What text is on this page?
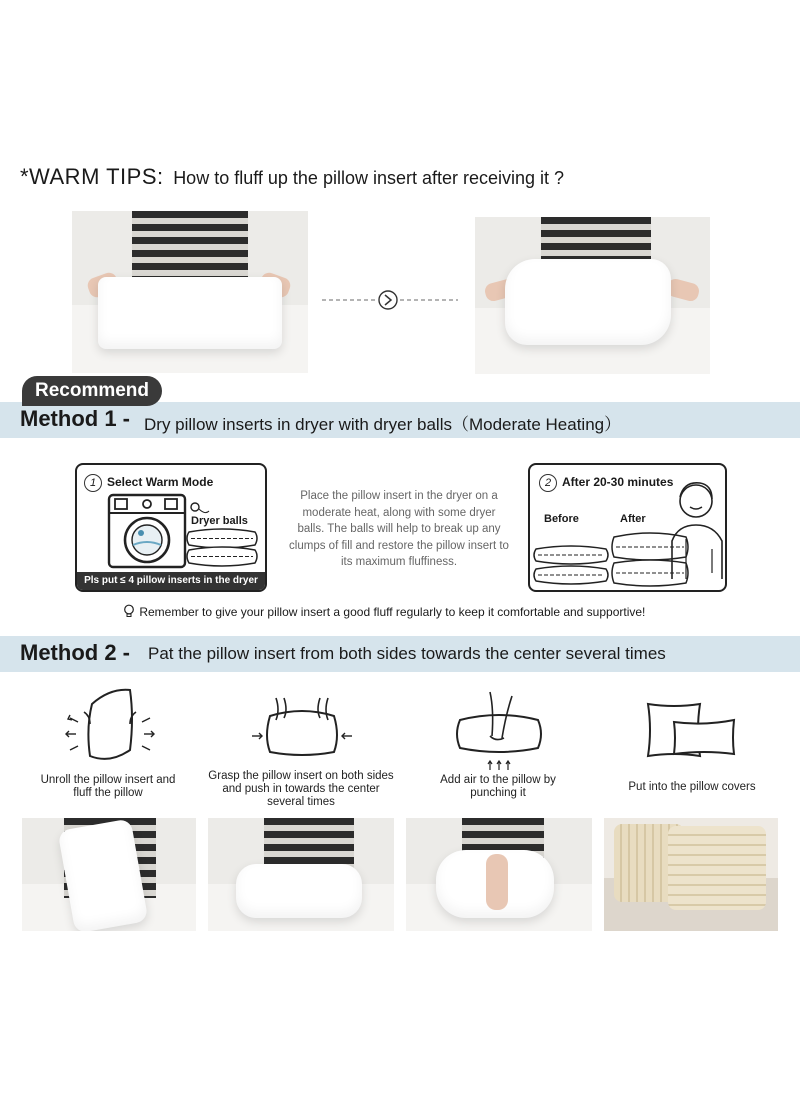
*WARM TIPS: How to fluff up the pillow insert after receiving it ?
Method 1 - Dry pillow inserts in dryer with dryer balls（Moderate Heating）
Recommend
1 Select Warm Mode
Dryer balls
Pls put ≤ 4 pillow inserts in the dryer
Place the pillow insert in the dryer on a moderate heat, along with some dryer balls. The balls will help to break up any clumps of fill and restore the pillow insert to its maximum fluffiness.
2 After 20-30 minutes
Before	After
Remember to give your pillow insert a good fluff regularly to keep it comfortable and supportive!
Method 2 - Pat the pillow insert from both sides towards the center several times
Unroll the pillow insert and fluff the pillow
Grasp the pillow insert on both sides and push in towards the center several times
Add air to the pillow by punching it	Put into the pillow covers
